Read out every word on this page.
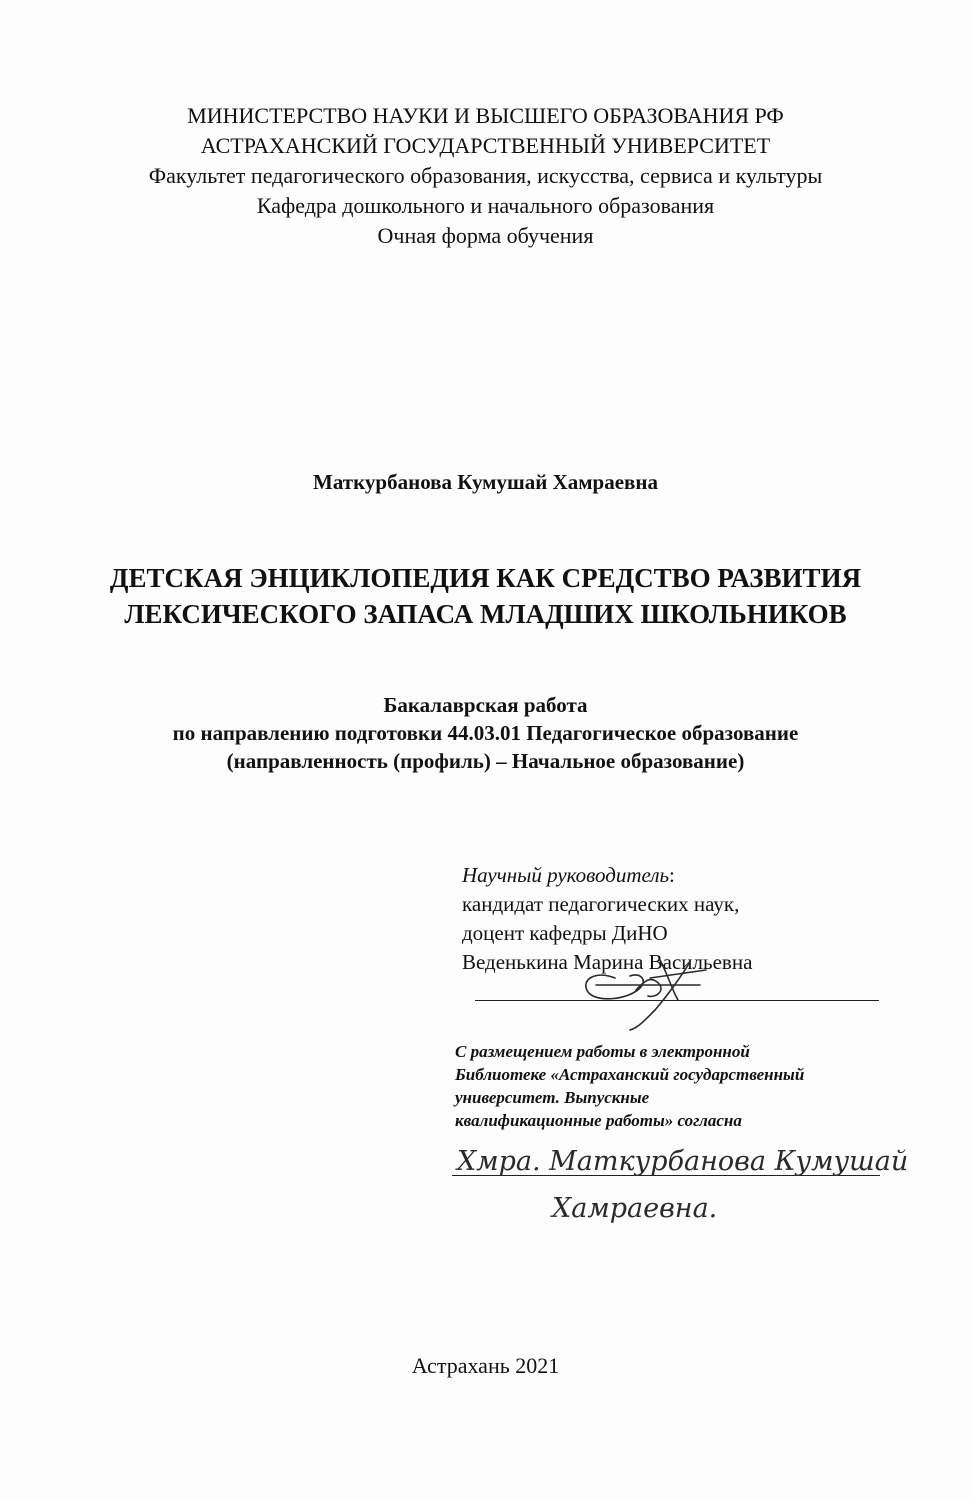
МИНИСТЕРСТВО НАУКИ И ВЫСШЕГО ОБРАЗОВАНИЯ РФ
АСТРАХАНСКИЙ ГОСУДАРСТВЕННЫЙ УНИВЕРСИТЕТ
Факультет педагогического образования, искусства, сервиса и культуры
Кафедра дошкольного и начального образования
Очная форма обучения
Маткурбанова Кумушай Хамраевна
ДЕТСКАЯ ЭНЦИКЛОПЕДИЯ КАК СРЕДСТВО РАЗВИТИЯ
ЛЕКСИЧЕСКОГО ЗАПАСА МЛАДШИХ ШКОЛЬНИКОВ
Бакалаврская работа
по направлению подготовки 44.03.01 Педагогическое образование
(направленность (профиль) – Начальное образование)
Научный руководитель:
кандидат педагогических наук,
доцент кафедры ДиНО
Веденькина Марина Васильевна
С размещением работы в электронной
Библиотеке «Астраханский государственный
университет. Выпускные
квалификационные работы» согласна
Хмра. Маткурбанова Кумушай
Хамраевна.
Астрахань 2021
